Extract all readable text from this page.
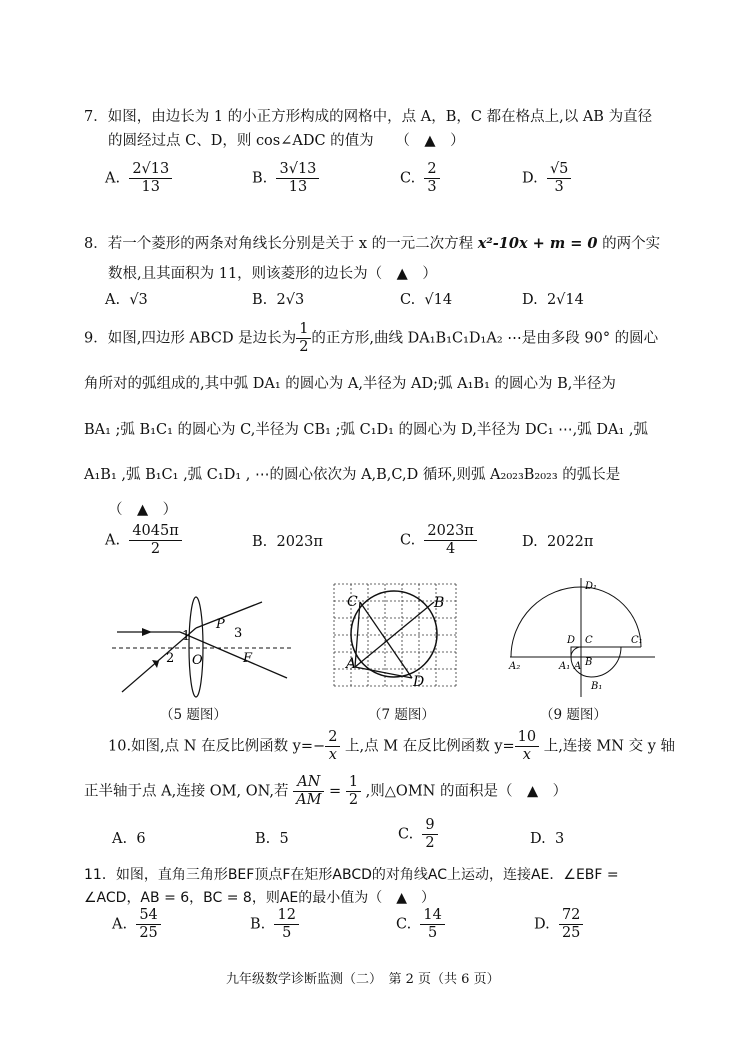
7．如图，由边长为 1 的小正方形构成的网格中，点 A，B，C 都在格点上,以 AB 为直径
的圆经过点 C、D，则 cos∠ADC 的值为　　（　▲　）
A. $\frac{2√13}{13}$	B. $\frac{3√13}{13}$	C. $\frac{2}{3}$	D. $\frac{√5}{3}$
8．若一个菱形的两条对角线长分别是关于 x 的一元二次方程 x²-10x + m = 0 的两个实
数根,且其面积为 11，则该菱形的边长为（　▲　）
A. √3	B. 2√3	C. √14	D. 2√14
9．如图,四边形 ABCD 是边长为 $\frac{1}{2}$ 的正方形,曲线 DA₁B₁C₁D₁A₂ ⋯是由多段 90° 的圆心
角所对的弧组成的,其中弧 DA₁ 的圆心为 A,半径为 AD;弧 A₁B₁ 的圆心为 B,半径为
BA₁ ;弧 B₁C₁ 的圆心为 C,半径为 CB₁ ;弧 C₁D₁ 的圆心为 D,半径为 DC₁ ⋯,弧 DA₁ ,弧
A₁B₁ ,弧 B₁C₁ ,弧 C₁D₁ , ⋯的圆心依次为 A,B,C,D 循环,则弧 A₂₀₂₃B₂₀₂₃ 的弧长是
（　▲　）
A. $\frac{4045\pi}{2}$	B. 2023π	C. $\frac{2023\pi}{4}$	D. 2022π
1
2
P
3
O	F
（5 题图）
C	B
A
D
（7 题图）
D₁
D C	C₁
A₂	A₁ A B
B₁
（9 题图）
10.如图,点 N 在反比例函数 $y=- \frac{2}{x}$ 上,点 M 在反比例函数 $y= \frac{10}{x}$ 上,连接 MN 交 y 轴
正半轴于点 A,连接 OM, ON,若 $\frac{AN}{AM} = \frac{1}{2}$ ,则△OMN 的面积是（　▲　）
A. 6	B. 5	C. $\frac{9}{2}$	D. 3
11．如图，直角三角形BEF顶点F在矩形ABCD的对角线AC上运动，连接AE．∠EBF =
∠ACD，AB = 6，BC = 8，则AE的最小值为（　▲　）
A. $\frac{54}{25}$	B. $\frac{12}{5}$	C. $\frac{14}{5}$	D. $\frac{72}{25}$
九年级数学诊断监测（二）　第 2 页（共 6 页）
